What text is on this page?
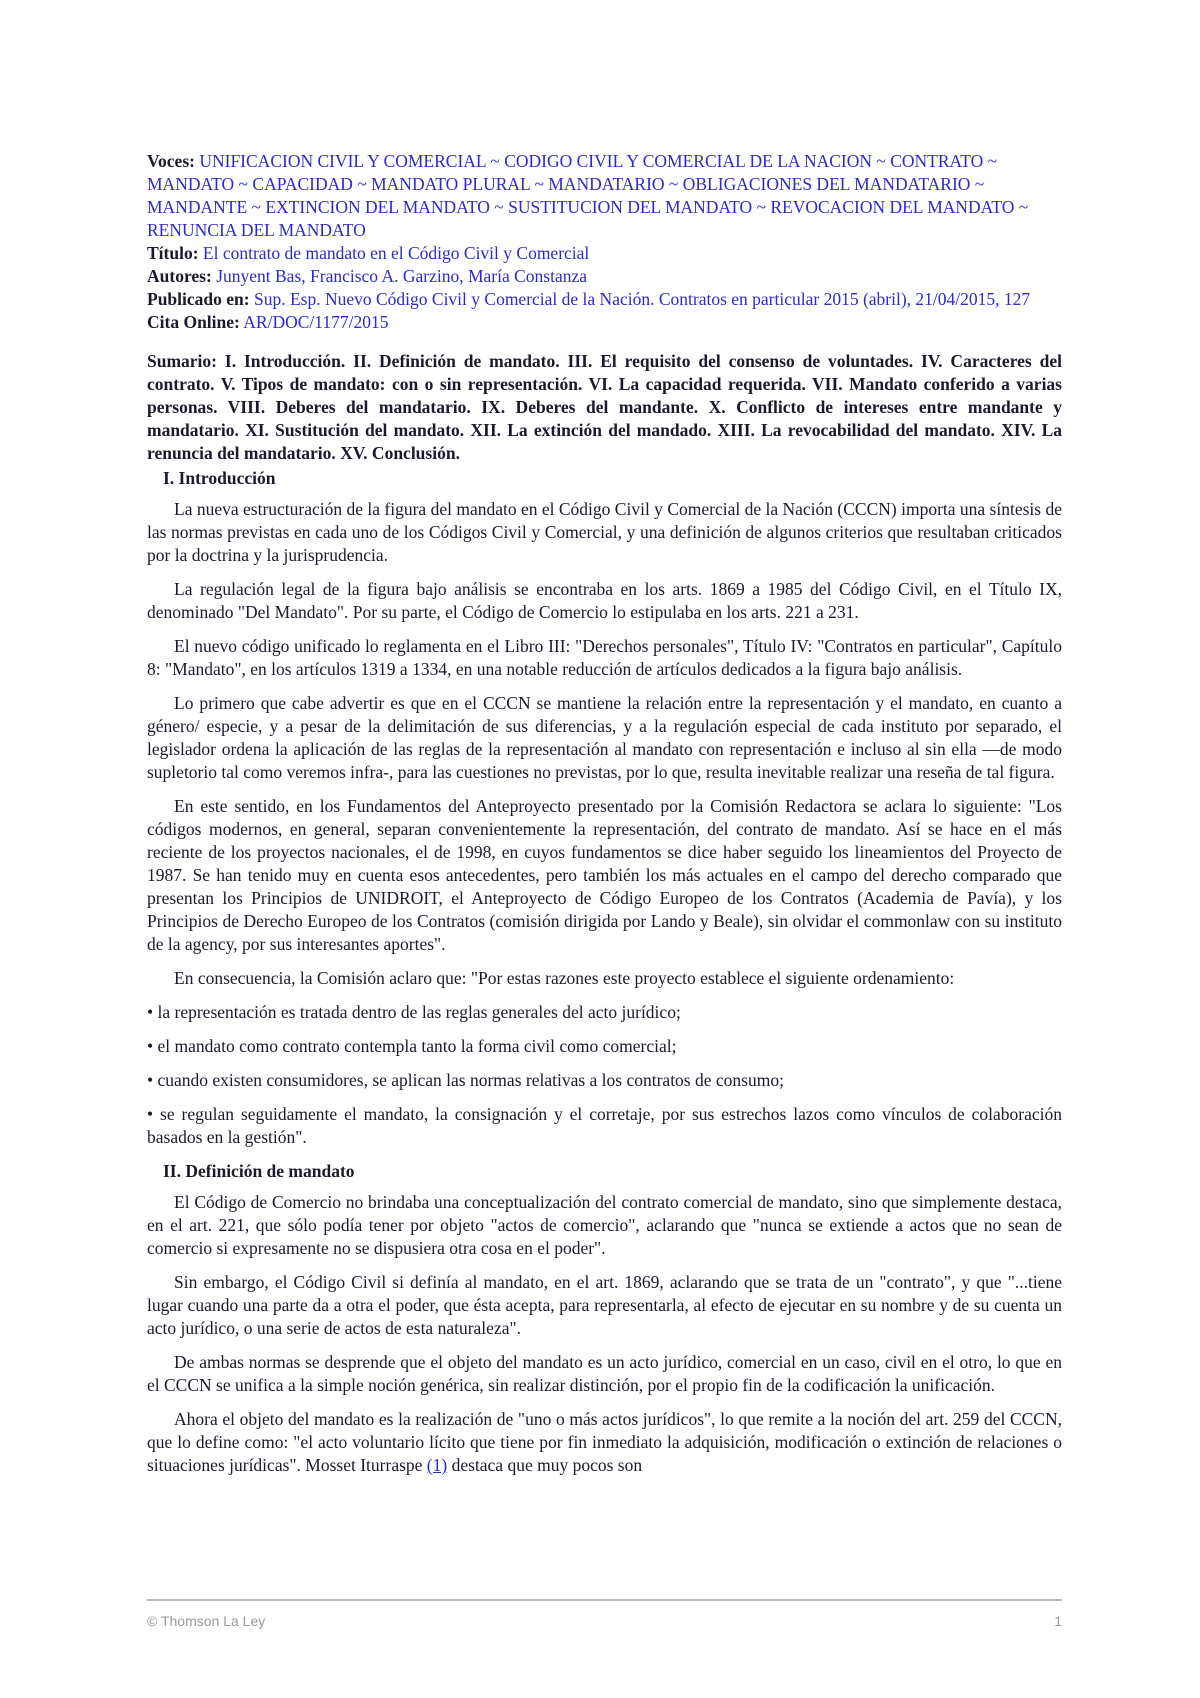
Voces: UNIFICACION CIVIL Y COMERCIAL ~ CODIGO CIVIL Y COMERCIAL DE LA NACION ~ CONTRATO ~ MANDATO ~ CAPACIDAD ~ MANDATO PLURAL ~ MANDATARIO ~ OBLIGACIONES DEL MANDATARIO ~ MANDANTE ~ EXTINCION DEL MANDATO ~ SUSTITUCION DEL MANDATO ~ REVOCACION DEL MANDATO ~ RENUNCIA DEL MANDATO
Título: El contrato de mandato en el Código Civil y Comercial
Autores: Junyent Bas, Francisco A. Garzino, María Constanza
Publicado en: Sup. Esp. Nuevo Código Civil y Comercial de la Nación. Contratos en particular 2015 (abril), 21/04/2015, 127
Cita Online: AR/DOC/1177/2015
Sumario: I. Introducción. II. Definición de mandato. III. El requisito del consenso de voluntades. IV. Caracteres del contrato. V. Tipos de mandato: con o sin representación. VI. La capacidad requerida. VII. Mandato conferido a varias personas. VIII. Deberes del mandatario. IX. Deberes del mandante. X. Conflicto de intereses entre mandante y mandatario. XI. Sustitución del mandato. XII. La extinción del mandado. XIII. La revocabilidad del mandato. XIV. La renuncia del mandatario. XV. Conclusión.
I. Introducción

La nueva estructuración de la figura del mandato en el Código Civil y Comercial de la Nación (CCCN) importa una síntesis de las normas previstas en cada uno de los Códigos Civil y Comercial, y una definición de algunos criterios que resultaban criticados por la doctrina y la jurisprudencia.

La regulación legal de la figura bajo análisis se encontraba en los arts. 1869 a 1985 del Código Civil, en el Título IX, denominado "Del Mandato". Por su parte, el Código de Comercio lo estipulaba en los arts. 221 a 231.

El nuevo código unificado lo reglamenta en el Libro III: "Derechos personales", Título IV: "Contratos en particular", Capítulo 8: "Mandato", en los artículos 1319 a 1334, en una notable reducción de artículos dedicados a la figura bajo análisis.

Lo primero que cabe advertir es que en el CCCN se mantiene la relación entre la representación y el mandato, en cuanto a género/ especie, y a pesar de la delimitación de sus diferencias, y a la regulación especial de cada instituto por separado, el legislador ordena la aplicación de las reglas de la representación al mandato con representación e incluso al sin ella —de modo supletorio tal como veremos infra-, para las cuestiones no previstas, por lo que, resulta inevitable realizar una reseña de tal figura.

En este sentido, en los Fundamentos del Anteproyecto presentado por la Comisión Redactora se aclara lo siguiente: "Los códigos modernos, en general, separan convenientemente la representación, del contrato de mandato. Así se hace en el más reciente de los proyectos nacionales, el de 1998, en cuyos fundamentos se dice haber seguido los lineamientos del Proyecto de 1987. Se han tenido muy en cuenta esos antecedentes, pero también los más actuales en el campo del derecho comparado que presentan los Principios de UNIDROIT, el Anteproyecto de Código Europeo de los Contratos (Academia de Pavía), y los Principios de Derecho Europeo de los Contratos (comisión dirigida por Lando y Beale), sin olvidar el commonlaw con su instituto de la agency, por sus interesantes aportes".

En consecuencia, la Comisión aclaro que: "Por estas razones este proyecto establece el siguiente ordenamiento:

• la representación es tratada dentro de las reglas generales del acto jurídico;

• el mandato como contrato contempla tanto la forma civil como comercial;

• cuando existen consumidores, se aplican las normas relativas a los contratos de consumo;

• se regulan seguidamente el mandato, la consignación y el corretaje, por sus estrechos lazos como vínculos de colaboración basados en la gestión".

II. Definición de mandato

El Código de Comercio no brindaba una conceptualización del contrato comercial de mandato, sino que simplemente destaca, en el art. 221, que sólo podía tener por objeto "actos de comercio", aclarando que "nunca se extiende a actos que no sean de comercio si expresamente no se dispusiera otra cosa en el poder".

Sin embargo, el Código Civil si definía al mandato, en el art. 1869, aclarando que se trata de un "contrato", y que "...tiene lugar cuando una parte da a otra el poder, que ésta acepta, para representarla, al efecto de ejecutar en su nombre y de su cuenta un acto jurídico, o una serie de actos de esta naturaleza".

De ambas normas se desprende que el objeto del mandato es un acto jurídico, comercial en un caso, civil en el otro, lo que en el CCCN se unifica a la simple noción genérica, sin realizar distinción, por el propio fin de la codificación la unificación.

Ahora el objeto del mandato es la realización de "uno o más actos jurídicos", lo que remite a la noción del art. 259 del CCCN, que lo define como: "el acto voluntario lícito que tiene por fin inmediato la adquisición, modificación o extinción de relaciones o situaciones jurídicas". Mosset Iturraspe (1) destaca que muy pocos son

© Thomson La Ley	1
